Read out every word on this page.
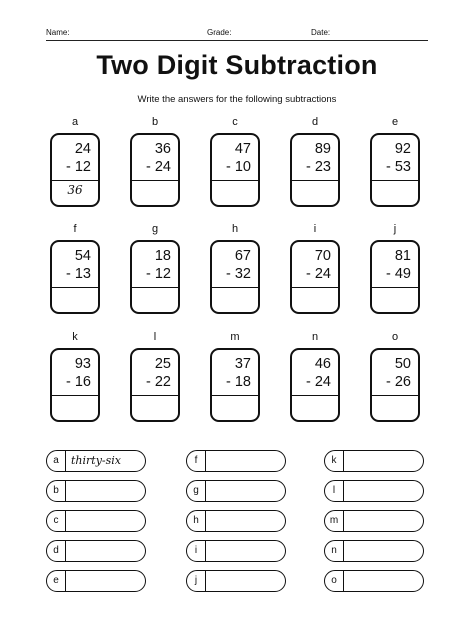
Name:	Grade:	Date:
Two Digit Subtraction
Write the answers for the following subtractions
a
24
- 12
36
b
36
- 24
c
47
- 10
d
89
- 23
e
92
- 53
f
54
- 13
g
18
- 12
h
67
- 32
i
70
- 24
j
81
- 49
k
93
- 16
l
25
- 22
m
37
- 18
n
46
- 24
o
50
- 26
a	thirty-six
b
c
d
e
f
g
h
i
j
k
l
m
n
o
